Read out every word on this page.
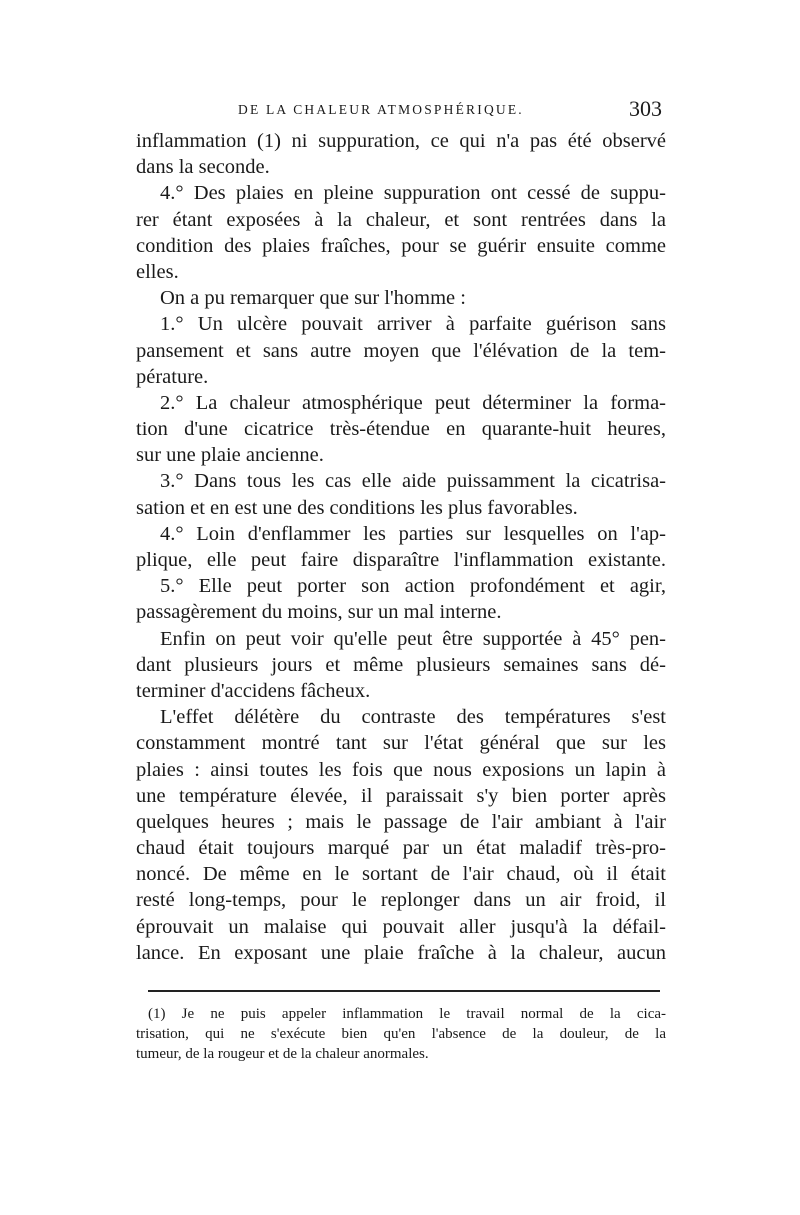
DE LA CHALEUR ATMOSPHÉRIQUE.	303
inflammation (1) ni suppuration, ce qui n'a pas été observé
dans la seconde.
4.° Des plaies en pleine suppuration ont cessé de suppu-
rer étant exposées à la chaleur, et sont rentrées dans la
condition des plaies fraîches, pour se guérir ensuite comme
elles.
On a pu remarquer que sur l'homme :
1.° Un ulcère pouvait arriver à parfaite guérison sans
pansement et sans autre moyen que l'élévation de la tem-
pérature.
2.° La chaleur atmosphérique peut déterminer la forma-
tion d'une cicatrice très-étendue en quarante-huit heures,
sur une plaie ancienne.
3.° Dans tous les cas elle aide puissamment la cicatrisa-
sation et en est une des conditions les plus favorables.
4.° Loin d'enflammer les parties sur lesquelles on l'ap-
plique, elle peut faire disparaître l'inflammation existante.
5.° Elle peut porter son action profondément et agir,
passagèrement du moins, sur un mal interne.
Enfin on peut voir qu'elle peut être supportée à 45° pen-
dant plusieurs jours et même plusieurs semaines sans dé-
terminer d'accidens fâcheux.
L'effet délétère du contraste des températures s'est
constamment montré tant sur l'état général que sur les
plaies : ainsi toutes les fois que nous exposions un lapin à
une température élevée, il paraissait s'y bien porter après
quelques heures ; mais le passage de l'air ambiant à l'air
chaud était toujours marqué par un état maladif très-pro-
noncé. De même en le sortant de l'air chaud, où il était
resté long-temps, pour le replonger dans un air froid, il
éprouvait un malaise qui pouvait aller jusqu'à la défail-
lance. En exposant une plaie fraîche à la chaleur, aucun
(1) Je ne puis appeler inflammation le travail normal de la cica-
trisation, qui ne s'exécute bien qu'en l'absence de la douleur, de la
tumeur, de la rougeur et de la chaleur anormales.
